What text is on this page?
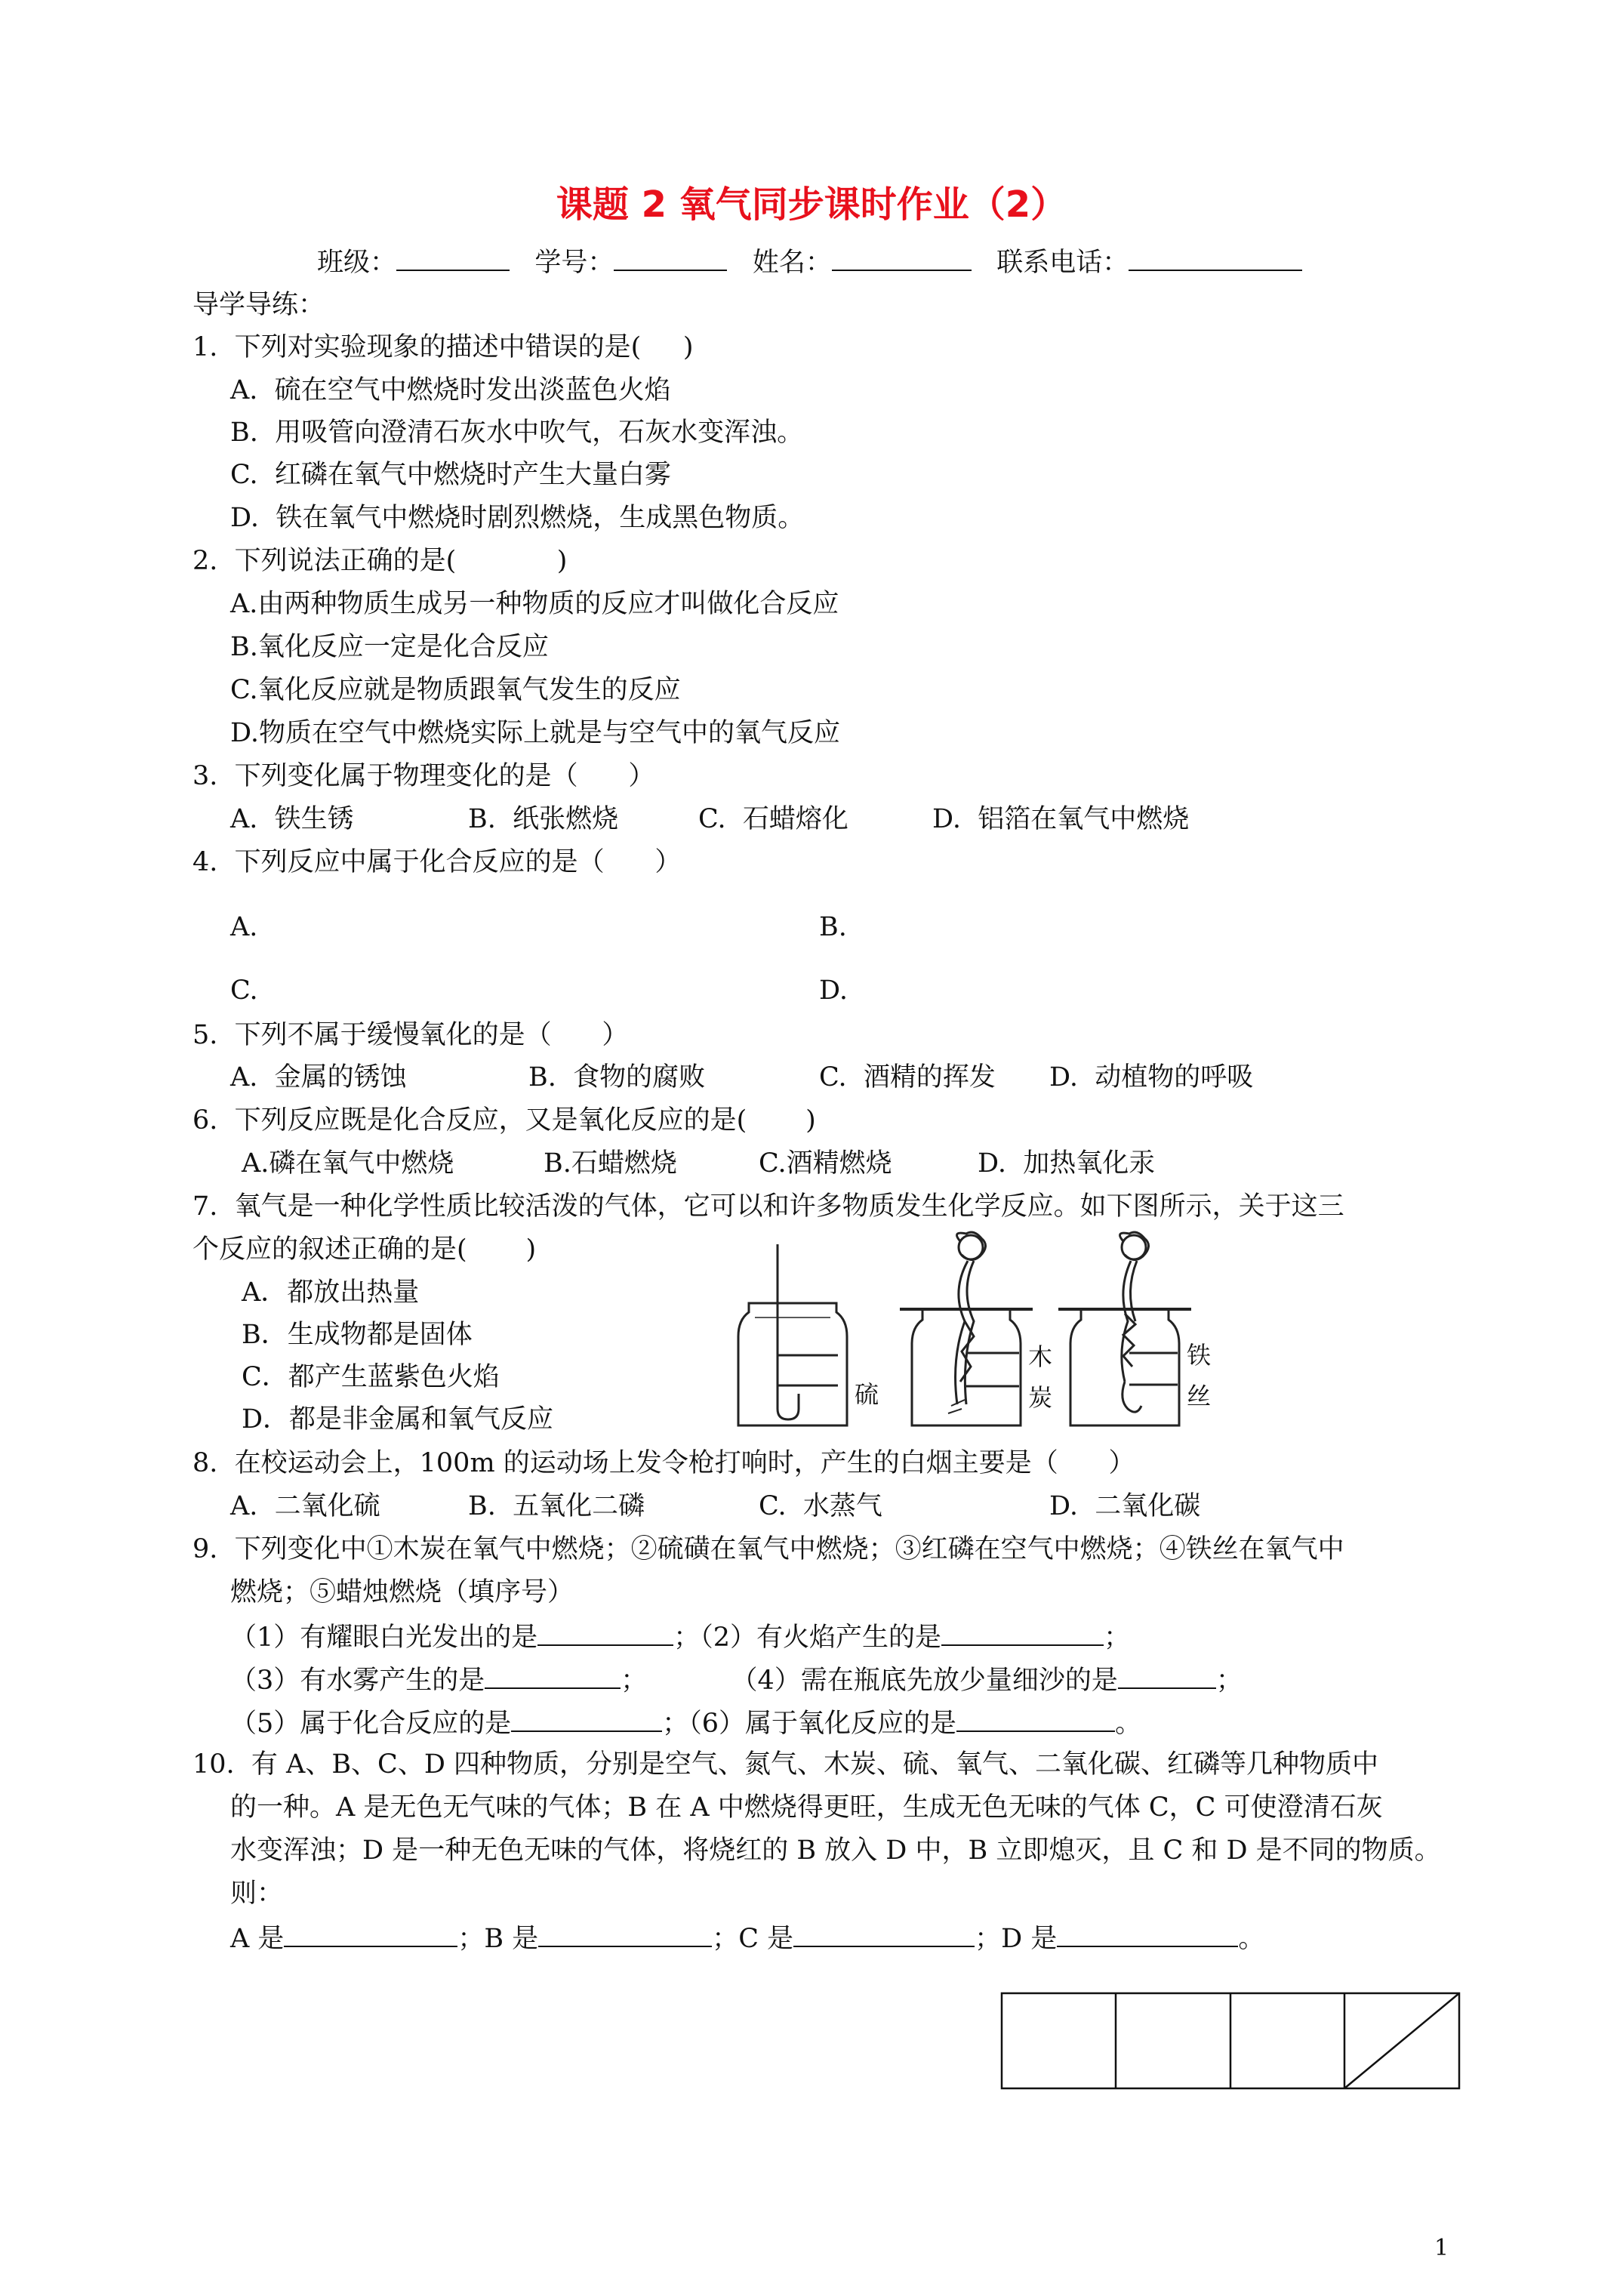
课题 2 氧气同步课时作业（2）
班级：	学号：	姓名：	联系电话：
导学导练：
1.  下列对实验现象的描述中错误的是(     )
A.  硫在空气中燃烧时发出淡蓝色火焰
B.  用吸管向澄清石灰水中吹气，石灰水变浑浊。
C.  红磷在氧气中燃烧时产生大量白雾
D.  铁在氧气中燃烧时剧烈燃烧，生成黑色物质。
2.  下列说法正确的是(            )
A.由两种物质生成另一种物质的反应才叫做化合反应
B.氧化反应一定是化合反应
C.氧化反应就是物质跟氧气发生的反应
D.物质在空气中燃烧实际上就是与空气中的氧气反应
3.  下列变化属于物理变化的是（      ）
A.  铁生锈	B.  纸张燃烧	C.  石蜡熔化	D.  铝箔在氧气中燃烧
4.  下列反应中属于化合反应的是（      ）
A.	B.
C.	D.
5.  下列不属于缓慢氧化的是（      ）
A.  金属的锈蚀	B.  食物的腐败	C.  酒精的挥发 D.  动植物的呼吸
6.  下列反应既是化合反应，又是氧化反应的是(       )
A.磷在氧气中燃烧	B.石蜡燃烧	C.酒精燃烧	D.  加热氧化汞
7.  氧气是一种化学性质比较活泼的气体，它可以和许多物质发生化学反应。如下图所示，关于这三
个反应的叙述正确的是(       )
A．都放出热量
B．生成物都是固体
C．都产生蓝紫色火焰
D．都是非金属和氧气反应
硫
木
炭
铁
丝
8.  在校运动会上，100m 的运动场上发令枪打响时，产生的白烟主要是（      ）
A.  二氧化硫	B.  五氧化二磷	C.  水蒸气	D.  二氧化碳
9.  下列变化中①木炭在氧气中燃烧；②硫磺在氧气中燃烧；③红磷在空气中燃烧；④铁丝在氧气中
燃烧；⑤蜡烛燃烧（填序号）
（1）有耀眼白光发出的是	；（2）有火焰产生的是	；
（3）有水雾产生的是	；          （4）需在瓶底先放少量细沙的是	；
（5）属于化合反应的是	；（6）属于氧化反应的是	。
10.  有 A、B、C、D 四种物质，分别是空气、氮气、木炭、硫、氧气、二氧化碳、红磷等几种物质中
的一种。A 是无色无气味的气体；B 在 A 中燃烧得更旺，生成无色无味的气体 C，C 可使澄清石灰
水变浑浊；D 是一种无色无味的气体，将烧红的 B 放入 D 中，B 立即熄灭，且 C 和 D 是不同的物质。
则：
A 是	；B 是	；C 是	；D 是	。
1
